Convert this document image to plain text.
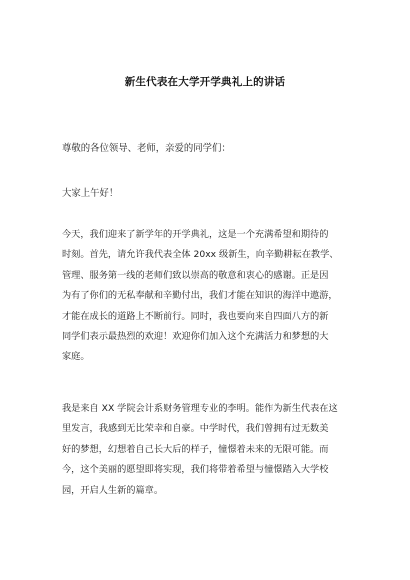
新生代表在大学开学典礼上的讲话
尊敬的各位领导、老师，亲爱的同学们：
大家上午好！

今天，我们迎来了新学年的开学典礼，这是一个充满希望和期待的
时刻。首先，请允许我代表全体 20xx 级新生，向辛勤耕耘在教学、
管理、服务第一线的老师们致以崇高的敬意和衷心的感谢。正是因
为有了你们的无私奉献和辛勤付出，我们才能在知识的海洋中遨游，
才能在成长的道路上不断前行。同时，我也要向来自四面八方的新
同学们表示最热烈的欢迎！欢迎你们加入这个充满活力和梦想的大
家庭。

我是来自 XX 学院会计系财务管理专业的李明。能作为新生代表在这
里发言，我感到无比荣幸和自豪。中学时代，我们曾拥有过无数美
好的梦想，幻想着自己长大后的样子，憧憬着未来的无限可能。而
今，这个美丽的愿望即将实现，我们将带着希望与憧憬踏入大学校
园，开启人生新的篇章。
